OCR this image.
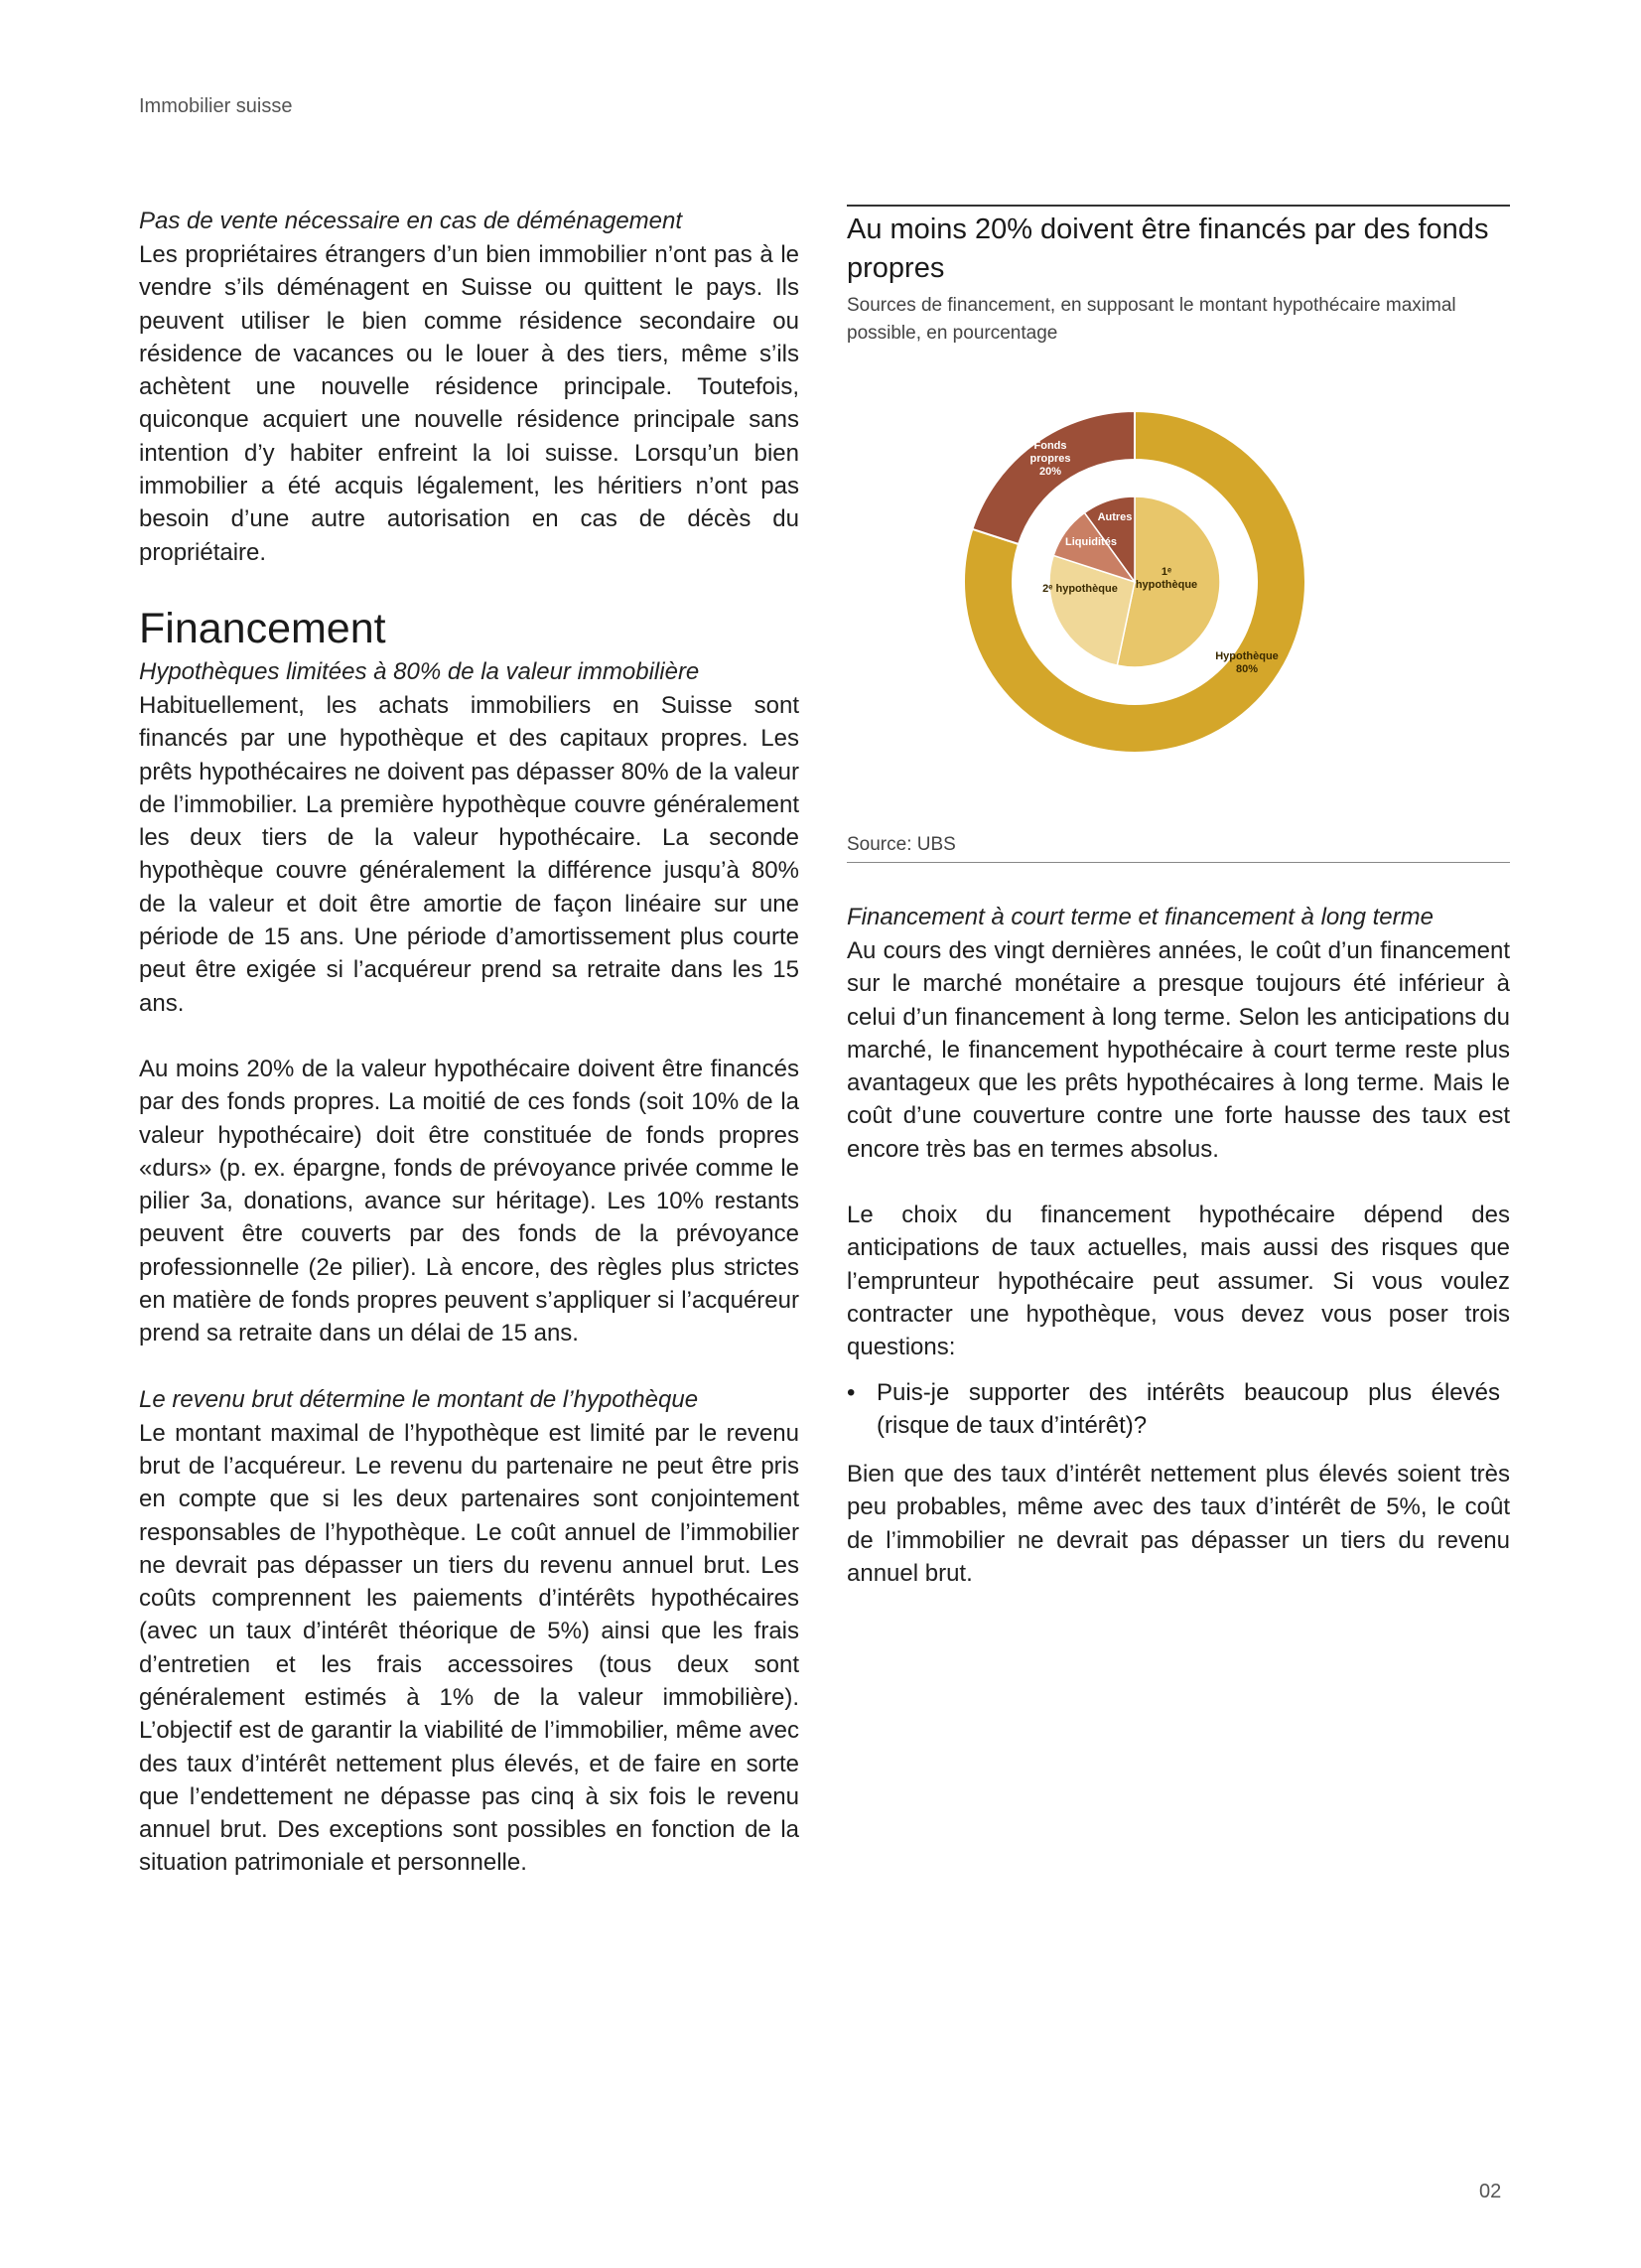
Immobilier suisse

Pas de vente nécessaire en cas de déménagement

Les propriétaires étrangers d’un bien immobilier n’ont pas à le vendre s’ils déménagent en Suisse ou quittent le pays. Ils peuvent utiliser le bien comme résidence secondaire ou résidence de vacances ou le louer à des tiers, même s’ils achètent une nouvelle résidence principale. Toutefois, quiconque acquiert une nouvelle résidence principale sans intention d’y habiter enfreint la loi suisse. Lorsqu’un bien immobilier a été acquis légalement, les héritiers n’ont pas besoin d’une autre autorisation en cas de décès du propriétaire.

Financement

Hypothèques limitées à 80% de la valeur immobilière

Habituellement, les achats immobiliers en Suisse sont financés par une hypothèque et des capitaux propres. Les prêts hypothécaires ne doivent pas dépasser 80% de la valeur de l’immobilier. La première hypothèque couvre généralement les deux tiers de la valeur hypothécaire. La seconde hypothèque couvre généralement la différence jusqu’à 80% de la valeur et doit être amortie de façon linéaire sur une période de 15 ans. Une période d’amortissement plus courte peut être exigée si l’acquéreur prend sa retraite dans les 15 ans.

Au moins 20% de la valeur hypothécaire doivent être financés par des fonds propres. La moitié de ces fonds (soit 10% de la valeur hypothécaire) doit être constituée de fonds propres «durs» (p. ex. épargne, fonds de prévoyance privée comme le pilier 3a, donations, avance sur héritage). Les 10% restants peuvent être couverts par des fonds de la prévoyance professionnelle (2e pilier). Là encore, des règles plus strictes en matière de fonds propres peuvent s’appliquer si l’acquéreur prend sa retraite dans un délai de 15 ans.

Le revenu brut détermine le montant de l’hypothèque

Le montant maximal de l’hypothèque est limité par le revenu brut de l’acquéreur. Le revenu du partenaire ne peut être pris en compte que si les deux partenaires sont conjointement responsables de l’hypothèque. Le coût annuel de l’immobilier ne devrait pas dépasser un tiers du revenu annuel brut. Les coûts comprennent les paiements d’intérêts hypothécaires (avec un taux d’intérêt théorique de 5%) ainsi que les frais d’entretien et les frais accessoires (tous deux sont généralement estimés à 1% de la valeur immobilière). L’objectif est de garantir la viabilité de l’immobilier, même avec des taux d’intérêt nettement plus élevés, et de faire en sorte que l’endettement ne dépasse pas cinq à six fois le revenu annuel brut. Des exceptions sont possibles en fonction de la situation patrimoniale et personnelle.

Au moins 20% doivent être financés par des fonds propres

Sources de financement, en supposant le montant hypothécaire maximal possible, en pourcentage

Hypothèque 80%
Fonds propres 20%
1ᵉ hypothèque
2ᵉ hypothèque
Liquidités
Autres
Source: UBS

Financement à court terme et financement à long terme

Au cours des vingt dernières années, le coût d’un financement sur le marché monétaire a presque toujours été inférieur à celui d’un financement à long terme. Selon les anticipations du marché, le financement hypothécaire à court terme reste plus avantageux que les prêts hypothécaires à long terme. Mais le coût d’une couverture contre une forte hausse des taux est encore très bas en termes absolus.

Le choix du financement hypothécaire dépend des anticipations de taux actuelles, mais aussi des risques que l’emprunteur hypothécaire peut assumer. Si vous voulez contracter une hypothèque, vous devez vous poser trois questions:

• Puis-je supporter des intérêts beaucoup plus élevés (risque de taux d’intérêt)?

Bien que des taux d’intérêt nettement plus élevés soient très peu probables, même avec des taux d’intérêt de 5%, le coût de l’immobilier ne devrait pas dépasser un tiers du revenu annuel brut.

02
